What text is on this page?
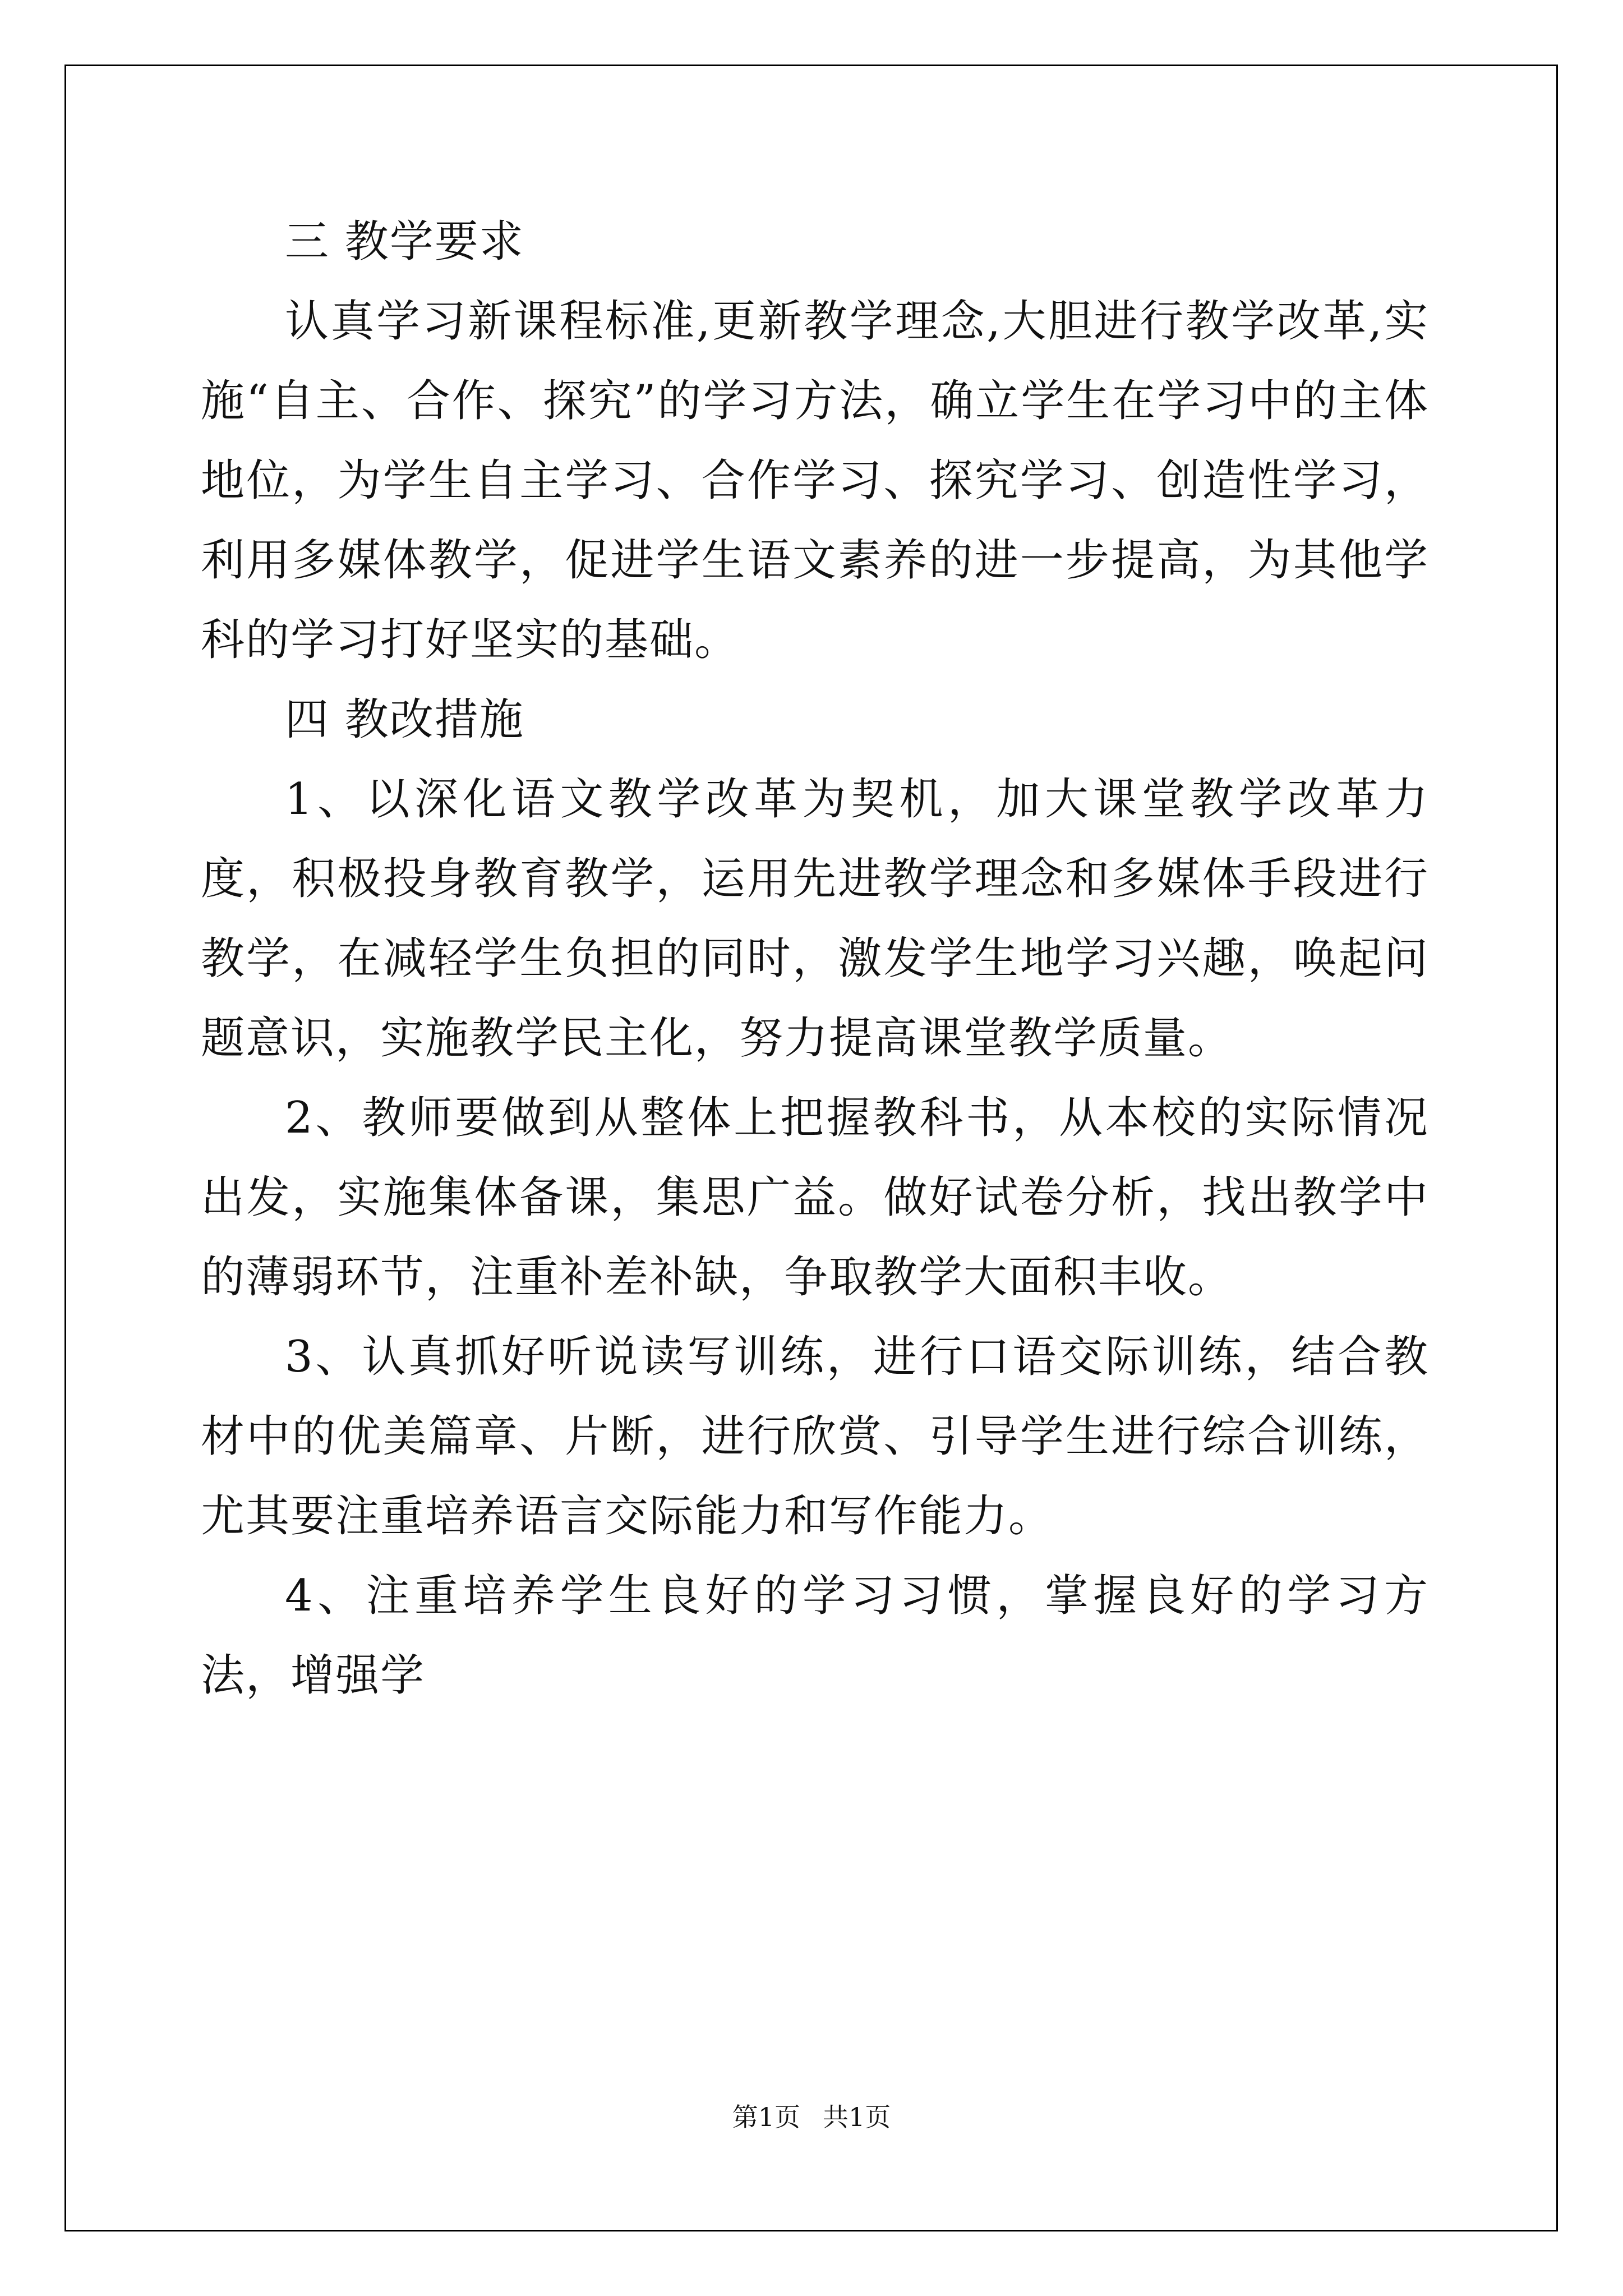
三 教学要求

认真学习新课程标准,更新教学理念,大胆进行教学改革,实施“自主、合作、探究”的学习方法，确立学生在学习中的主体地位，为学生自主学习、合作学习、探究学习、创造性学习，利用多媒体教学，促进学生语文素养的进一步提高，为其他学科的学习打好坚实的基础。

四 教改措施

1、以深化语文教学改革为契机，加大课堂教学改革力度，积极投身教育教学，运用先进教学理念和多媒体手段进行教学，在减轻学生负担的同时，激发学生地学习兴趣，唤起问题意识，实施教学民主化，努力提高课堂教学质量。

2、教师要做到从整体上把握教科书，从本校的实际情况出发，实施集体备课，集思广益。做好试卷分析，找出教学中的薄弱环节，注重补差补缺，争取教学大面积丰收。

3、认真抓好听说读写训练，进行口语交际训练，结合教材中的优美篇章、片断，进行欣赏、引导学生进行综合训练，尤其要注重培养语言交际能力和写作能力。

4、注重培养学生良好的学习习惯，掌握良好的学习方法，增强学

第1页 共1页
